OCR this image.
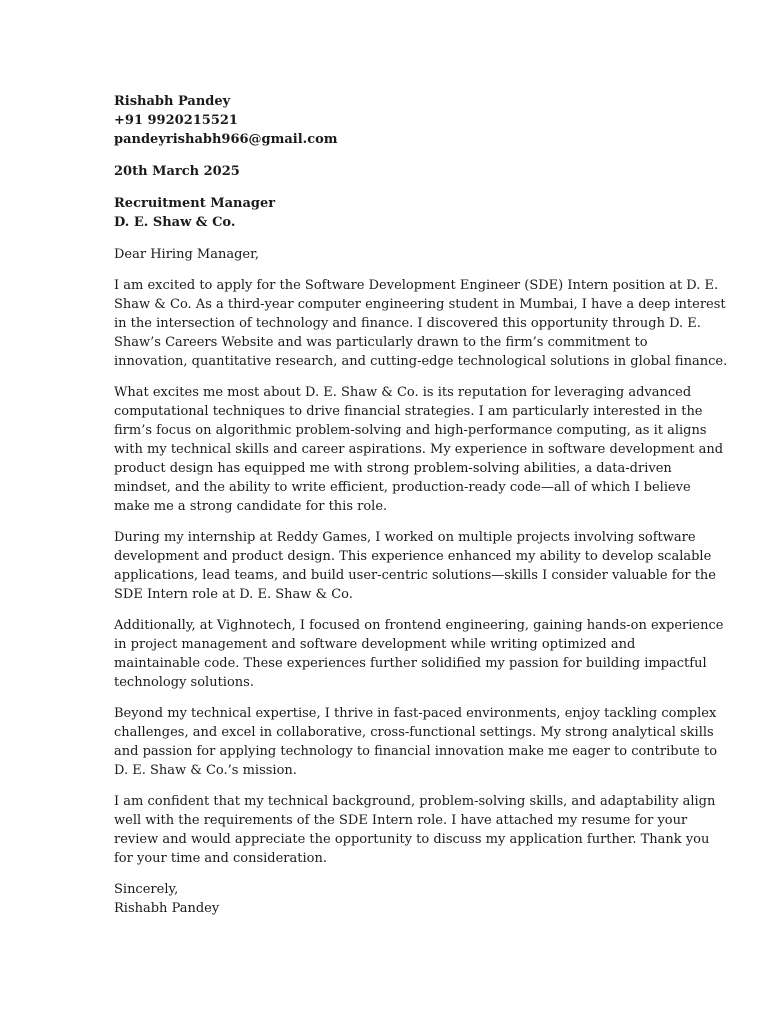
Rishabh Pandey
+91 9920215521
pandeyrishabh966@gmail.com
20th March 2025
Recruitment Manager
D. E. Shaw & Co.

Dear Hiring Manager,

I am excited to apply for the Software Development Engineer (SDE) Intern position at D. E.
Shaw & Co. As a third-year computer engineering student in Mumbai, I have a deep interest
in the intersection of technology and finance. I discovered this opportunity through D. E.
Shaw’s Careers Website and was particularly drawn to the firm’s commitment to
innovation, quantitative research, and cutting-edge technological solutions in global finance.

What excites me most about D. E. Shaw & Co. is its reputation for leveraging advanced
computational techniques to drive financial strategies. I am particularly interested in the
firm’s focus on algorithmic problem-solving and high-performance computing, as it aligns
with my technical skills and career aspirations. My experience in software development and
product design has equipped me with strong problem-solving abilities, a data-driven
mindset, and the ability to write efficient, production-ready code—all of which I believe
make me a strong candidate for this role.

During my internship at Reddy Games, I worked on multiple projects involving software
development and product design. This experience enhanced my ability to develop scalable
applications, lead teams, and build user-centric solutions—skills I consider valuable for the
SDE Intern role at D. E. Shaw & Co.

Additionally, at Vighnotech, I focused on frontend engineering, gaining hands-on experience
in project management and software development while writing optimized and
maintainable code. These experiences further solidified my passion for building impactful
technology solutions.

Beyond my technical expertise, I thrive in fast-paced environments, enjoy tackling complex
challenges, and excel in collaborative, cross-functional settings. My strong analytical skills
and passion for applying technology to financial innovation make me eager to contribute to
D. E. Shaw & Co.’s mission.

I am confident that my technical background, problem-solving skills, and adaptability align
well with the requirements of the SDE Intern role. I have attached my resume for your
review and would appreciate the opportunity to discuss my application further. Thank you
for your time and consideration.

Sincerely,
Rishabh Pandey
